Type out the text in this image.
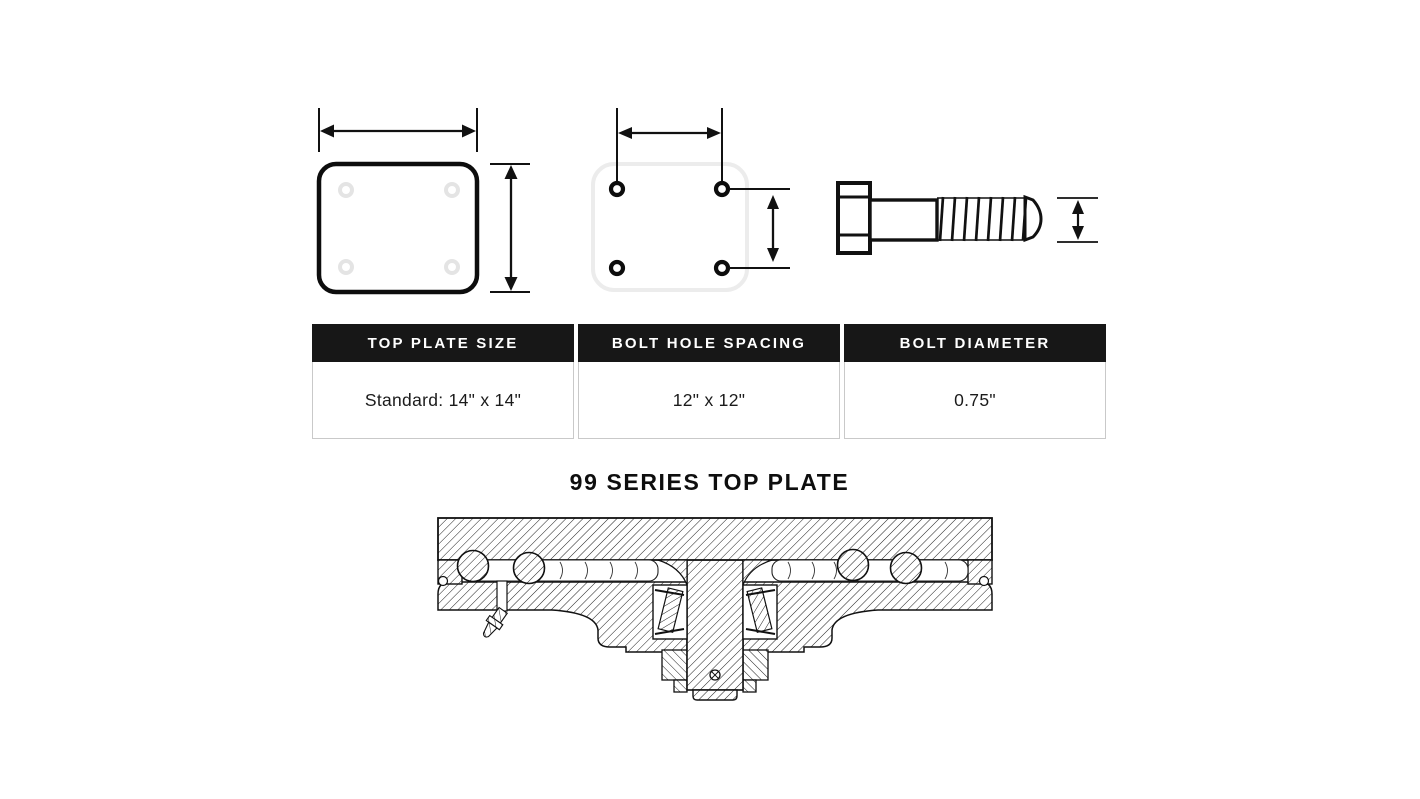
TOP PLATE SIZE
Standard: 14" x 14"
BOLT HOLE SPACING
12" x 12"
BOLT DIAMETER
0.75"
99 SERIES TOP PLATE
